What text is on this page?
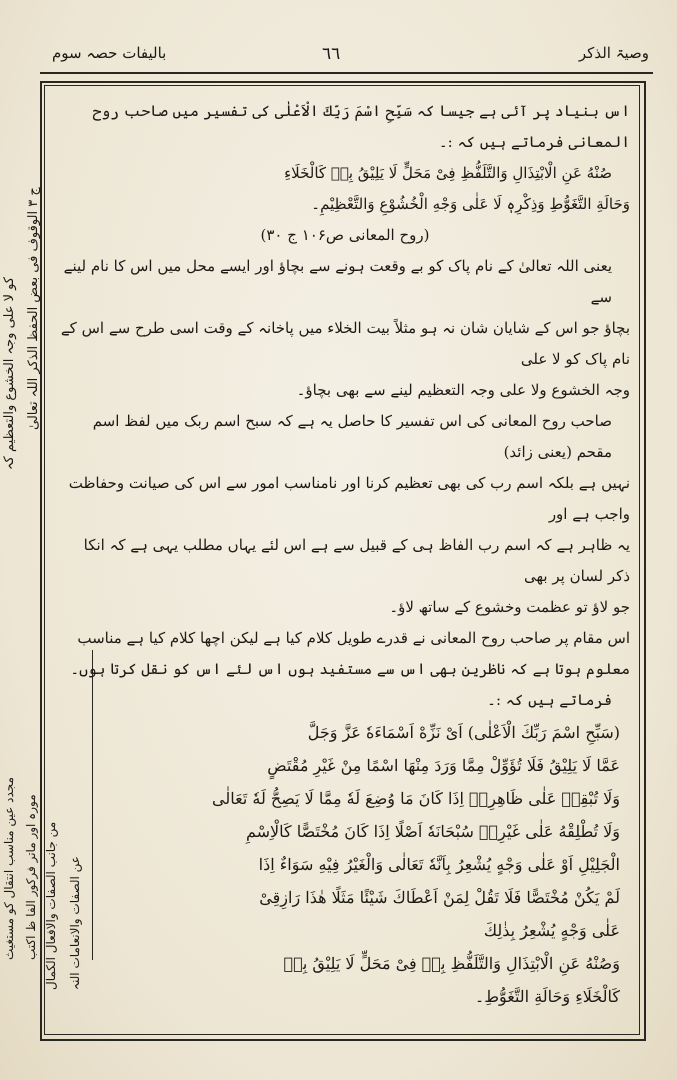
بالیفات حصہ سوم	٦٦	وصیۃ الذکر

اس بنیاد پر آئی ہے جیسا کہ سَبِّحِ اسْمَ رَبِّكَ الْاَعْلٰی کی تفسیر میں صاحب روح المعانی فرماتے ہیں کہ :۔

صُنْهُ عَنِ الْابْتِذَالِ وَالتَّلَفُّظِ فِیْ مَحَلٍّ لَا یَلِیْقُ بِهٖ كَالْخَلَاءِ

وَحَالَةِ التَّغَوُّطِ وَذِكْرِهٖ لَا عَلٰی وَجْهِ الْخُشُوْعِ وَالتَّعْظِیْمِ۔

(روح المعانی ص۱۰۶ ج ۳۰)

یعنی اللہ تعالیٰ کے نام پاک کو بے وقعت ہونے سے بچاؤ اور ایسے محل میں اس کا نام لینے سے

بچاؤ جو اس کے شایان شان نہ ہو مثلاً بیت الخلاء میں پاخانہ کے وقت اسی طرح سے اس کے نام پاک کو لا علی

وجہ الخشوع ولا علی وجہ التعظیم لینے سے بھی بچاؤ۔

صاحب روح المعانی کی اس تفسیر کا حاصل یہ ہے کہ سبح اسم ربک میں لفظ اسم مقحم (یعنی زائد)

نہیں ہے بلکہ اسم رب کی بھی تعظیم کرنا اور نامناسب امور سے اس کی صیانت وحفاظت واجب ہے اور

یہ ظاہر ہے کہ اسم رب الفاظ ہی کے قبیل سے ہے اس لئے یہاں مطلب یہی ہے کہ انکا ذکر لسان پر بھی

جو لاؤ تو عظمت وخشوع کے ساتھ لاؤ۔

اس مقام پر صاحب روح المعانی نے قدرے طویل کلام کیا ہے لیکن اچھا کلام کیا ہے مناسب

معلوم ہوتا ہے کہ ناظرین بھی اس سے مستفید ہوں اس لئے اس کو نقل کرتا ہوں۔

فرماتے ہیں کہ :۔

(سَبِّحِ اسْمَ رَبِّكَ الْاَعْلٰی) اَیْ نَزِّهْ اَسْمَاءَهٗ عَزَّ وَجَلَّ

عَمَّا لَا یَلِیْقُ فَلَا تُؤَوِّلْ مِمَّا وَرَدَ مِنْهَا اسْمًا مِنْ غَیْرِ مُقْتَضٍ

وَلَا تُبْقِهٖ عَلٰی ظَاهِرِهٖ اِذَا كَانَ مَا وُضِعَ لَهٗ مِمَّا لَا یَصِحُّ لَهٗ تَعَالٰی

وَلَا تُطْلِقْهُ عَلٰی غَیْرِهٖ سُبْحَانَهٗ اَصْلًا اِذَا كَانَ مُخْتَصًّا كَالْاِسْمِ

الْجَلِیْلِ اَوْ عَلٰی وَجْهٍ یُشْعِرُ بِاَنَّهٗ تَعَالٰی وَالْغَیْرُ فِیْهِ سَوَاءٌ اِذَا

لَمْ یَكُنْ مُخْتَصًّا فَلَا تَقُلْ لِمَنْ اَعْطَاكَ شَیْئًا مَثَلًا هٰذَا رَازِقِیْ

عَلٰی وَجْهٍ یُشْعِرُ بِذٰلِكَ

وَصُنْهُ عَنِ الْابْتِذَالِ وَالتَّلَفُّظِ بِهٖ فِیْ مَحَلٍّ لَا یَلِیْقُ بِهٖ

كَالْخَلَاءِ وَحَالَةِ التَّغَوُّطِ۔

ج ۳ الوقوف فی بعض الحفظ الذکر اللہ تعالیٰ
کو لا علی وجہ الخشوع والتعظیم کہ
من جانب الصفات والافعال الکمال عن الصفات والانعامات النہ
مورہ اور ماتر فرکور الفا ظ اکتب
مجدد عین مناسب انتقال کو مستغیث
